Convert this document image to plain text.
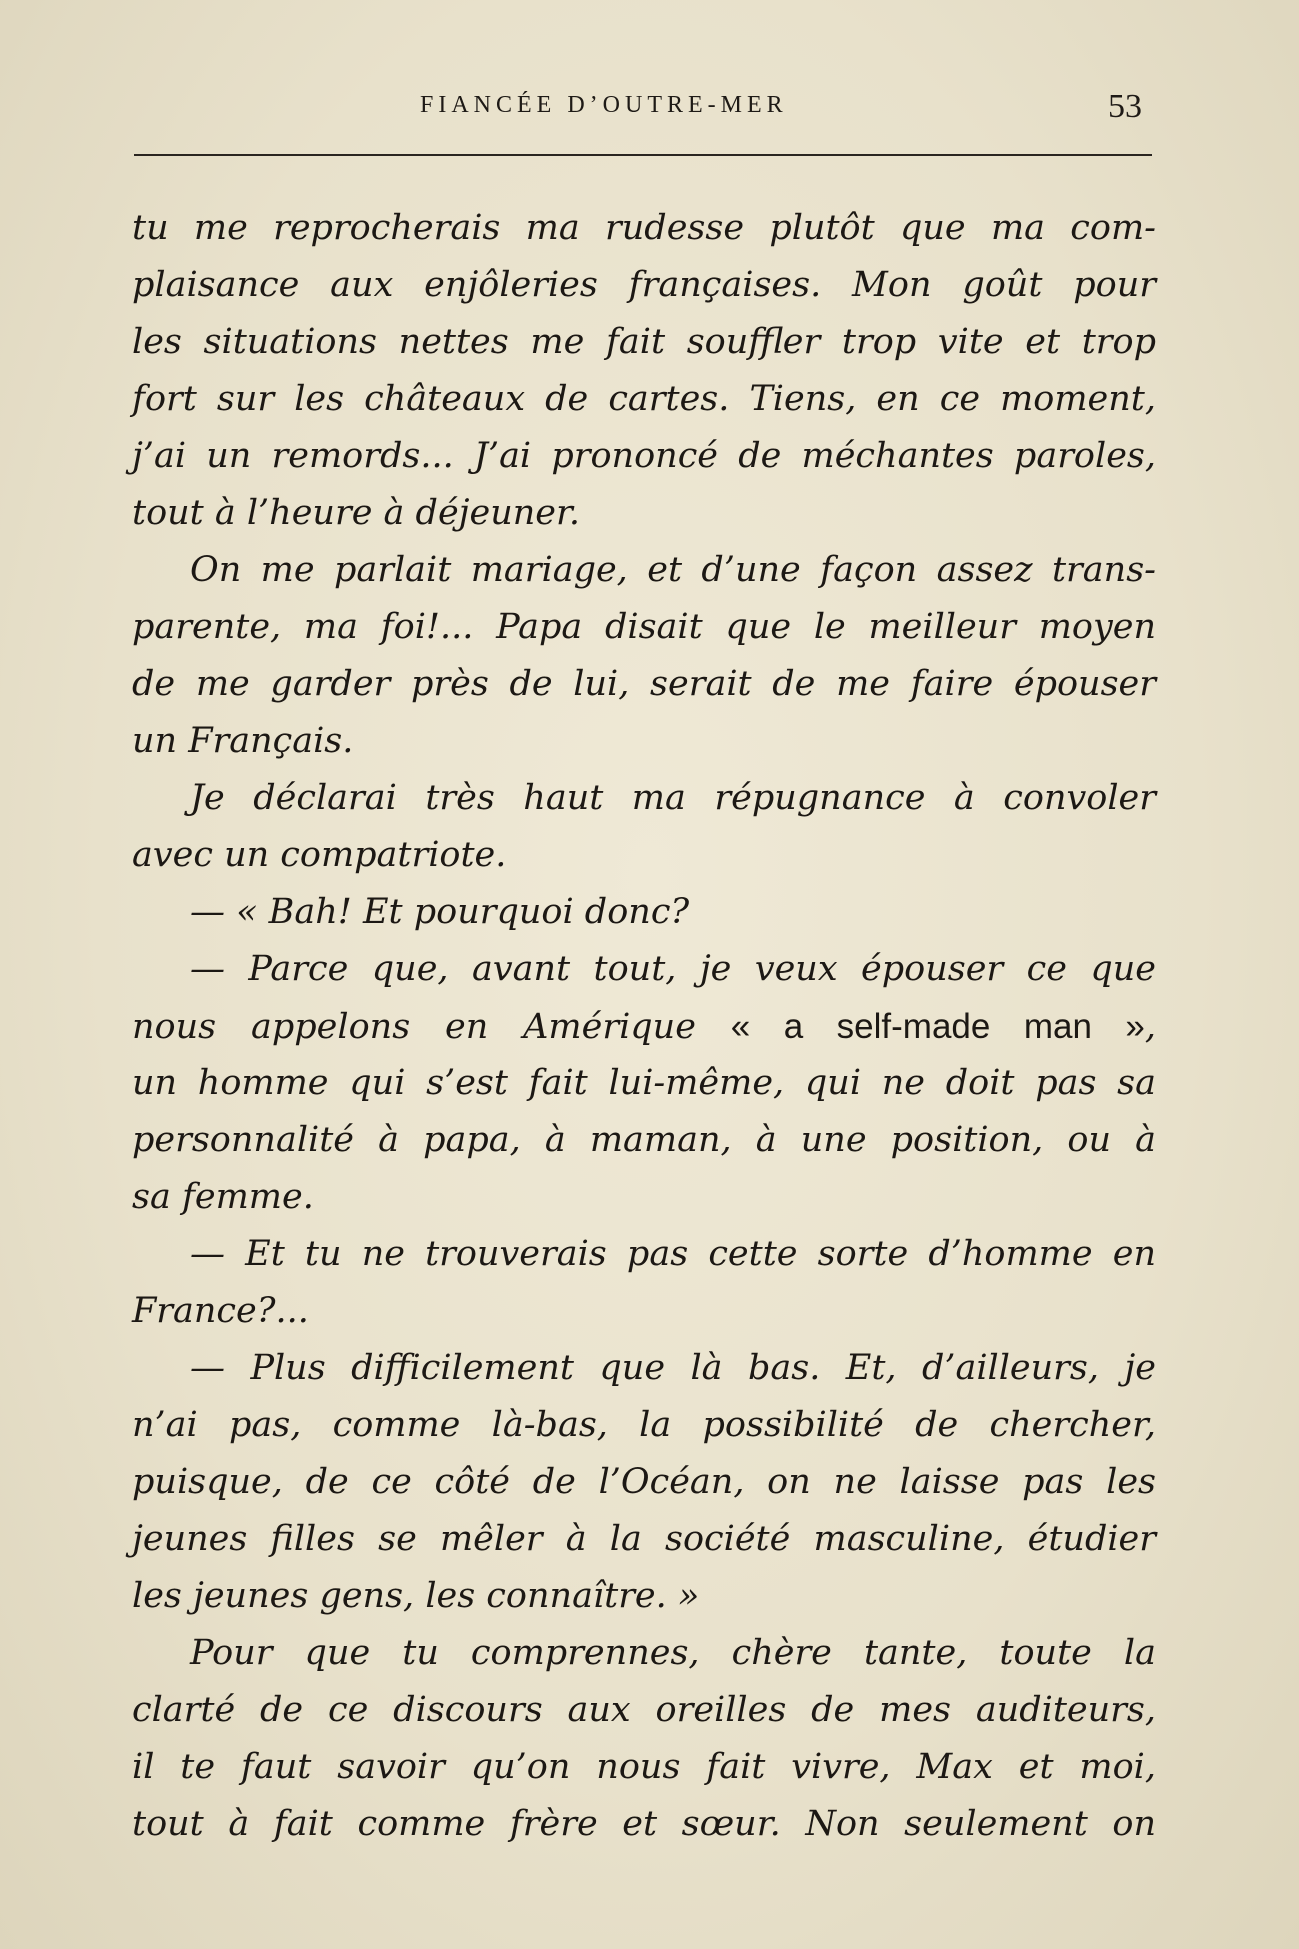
FIANCÉE D’OUTRE-MER	53
tu me reprocherais ma rudesse plutôt que ma com-
plaisance aux enjôleries françaises. Mon goût pour
les situations nettes me fait souffler trop vite et trop
fort sur les châteaux de cartes. Tiens, en ce moment,
j’ai un remords... J’ai prononcé de méchantes paroles,
tout à l’heure à déjeuner.
On me parlait mariage, et d’une façon assez trans-
parente, ma foi!... Papa disait que le meilleur moyen
de me garder près de lui, serait de me faire épouser
un Français.
Je déclarai très haut ma répugnance à convoler
avec un compatriote.
— « Bah! Et pourquoi donc?
— Parce que, avant tout, je veux épouser ce que
nous appelons en Amérique « a self-made man »,
un homme qui s’est fait lui-même, qui ne doit pas sa
personnalité à papa, à maman, à une position, ou à
sa femme.
— Et tu ne trouverais pas cette sorte d’homme en
France?...
— Plus difficilement que là bas. Et, d’ailleurs, je
n’ai pas, comme là-bas, la possibilité de chercher,
puisque, de ce côté de l’Océan, on ne laisse pas les
jeunes filles se mêler à la société masculine, étudier
les jeunes gens, les connaître. »
Pour que tu comprennes, chère tante, toute la
clarté de ce discours aux oreilles de mes auditeurs,
il te faut savoir qu’on nous fait vivre, Max et moi,
tout à fait comme frère et sœur. Non seulement on
